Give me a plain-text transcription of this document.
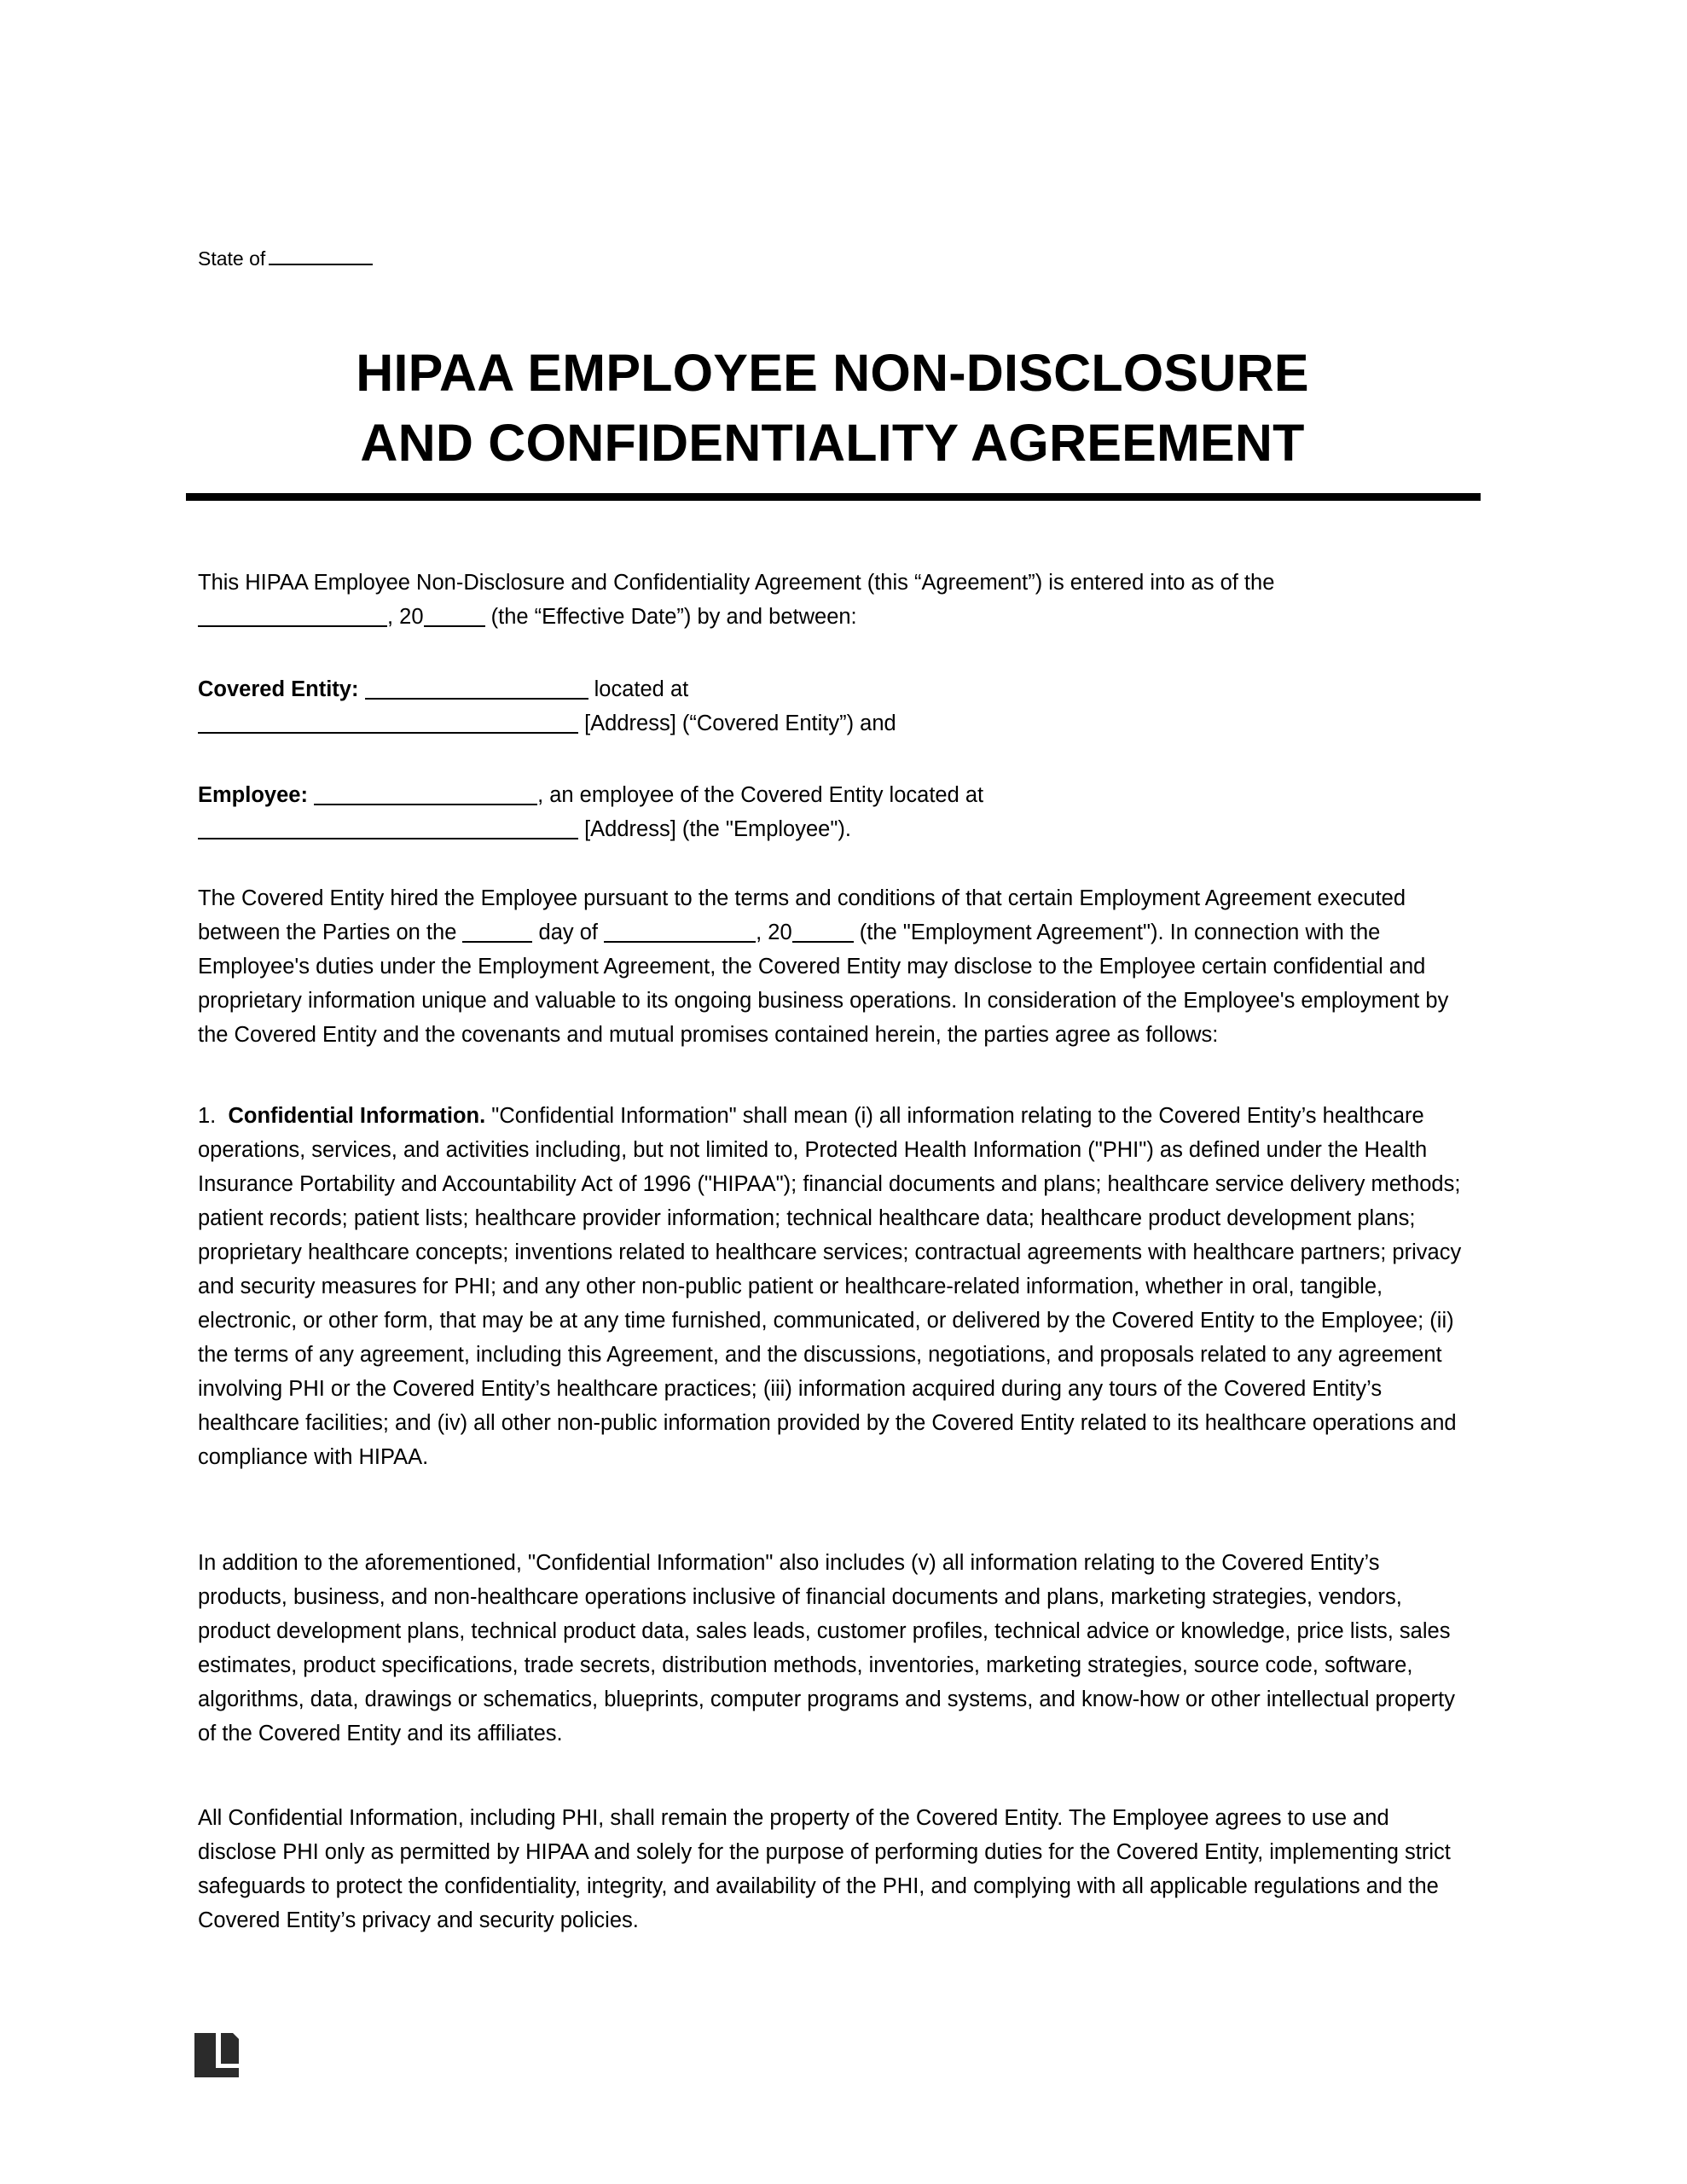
State of
HIPAA EMPLOYEE NON-DISCLOSURE
AND CONFIDENTIALITY AGREEMENT

This HIPAA Employee Non-Disclosure and Confidentiality Agreement (this “Agreement”) is entered into as of the , 20	(the “Effective Date”) by and between:

Covered Entity:	located at
[Address] (“Covered Entity”) and

Employee:	, an employee of the Covered Entity located at
[Address] (the "Employee").

The Covered Entity hired the Employee pursuant to the terms and conditions of that certain Employment Agreement executed between the Parties on the	day of	, 20	(the "Employment Agreement"). In connection with the Employee's duties under the Employment Agreement, the Covered Entity may disclose to the Employee certain confidential and proprietary information unique and valuable to its ongoing business operations. In consideration of the Employee's employment by the Covered Entity and the covenants and mutual promises contained herein, the parties agree as follows:

1. Confidential Information. "Confidential Information" shall mean (i) all information relating to the Covered Entity’s healthcare operations, services, and activities including, but not limited to, Protected Health Information ("PHI") as defined under the Health Insurance Portability and Accountability Act of 1996 ("HIPAA"); financial documents and plans; healthcare service delivery methods; patient records; patient lists; healthcare provider information; technical healthcare data; healthcare product development plans; proprietary healthcare concepts; inventions related to healthcare services; contractual agreements with healthcare partners; privacy and security measures for PHI; and any other non-public patient or healthcare-related information, whether in oral, tangible, electronic, or other form, that may be at any time furnished, communicated, or delivered by the Covered Entity to the Employee; (ii) the terms of any agreement, including this Agreement, and the discussions, negotiations, and proposals related to any agreement involving PHI or the Covered Entity’s healthcare practices; (iii) information acquired during any tours of the Covered Entity’s healthcare facilities; and (iv) all other non-public information provided by the Covered Entity related to its healthcare operations and compliance with HIPAA.

In addition to the aforementioned, "Confidential Information" also includes (v) all information relating to the Covered Entity’s products, business, and non-healthcare operations inclusive of financial documents and plans, marketing strategies, vendors, product development plans, technical product data, sales leads, customer profiles, technical advice or knowledge, price lists, sales estimates, product specifications, trade secrets, distribution methods, inventories, marketing strategies, source code, software, algorithms, data, drawings or schematics, blueprints, computer programs and systems, and know-how or other intellectual property of the Covered Entity and its affiliates.

All Confidential Information, including PHI, shall remain the property of the Covered Entity. The Employee agrees to use and disclose PHI only as permitted by HIPAA and solely for the purpose of performing duties for the Covered Entity, implementing strict safeguards to protect the confidentiality, integrity, and availability of the PHI, and complying with all applicable regulations and the Covered Entity’s privacy and security policies.
